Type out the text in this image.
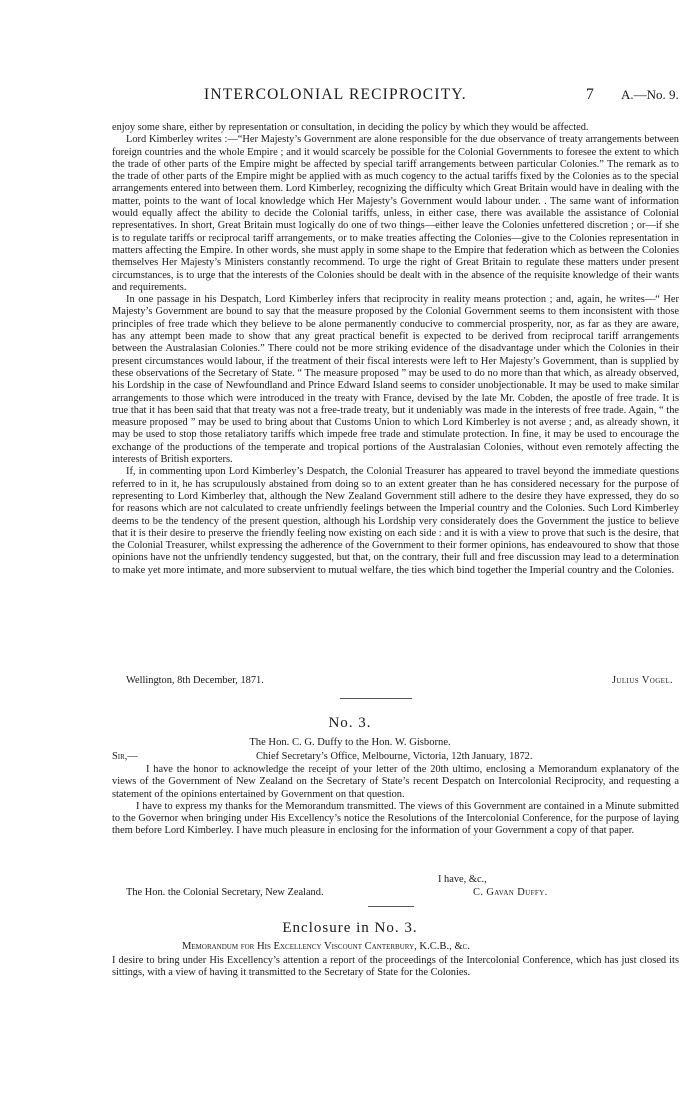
INTERCOLONIAL RECIPROCITY.	7 A.—No. 9.

enjoy some share, either by representation or consultation, in deciding the policy by which they would be affected.

Lord Kimberley writes :—“Her Majesty’s Government are alone responsible for the due observance of treaty arrangements between foreign countries and the whole Empire ; and it would scarcely be possible for the Colonial Governments to foresee the extent to which the trade of other parts of the Empire might be affected by special tariff arrangements between particular Colonies.” The remark as to the trade of other parts of the Empire might be applied with as much cogency to the actual tariffs fixed by the Colonies as to the special arrangements entered into between them. Lord Kimberley, recognizing the difficulty which Great Britain would have in dealing with the matter, points to the want of local knowledge which Her Majesty’s Government would labour under. . The same want of information would equally affect the ability to decide the Colonial tariffs, unless, in either case, there was available the assistance of Colonial representatives. In short, Great Britain must logically do one of two things—either leave the Colonies unfettered discretion ; or—if she is to regulate tariffs or reciprocal tariff arrangements, or to make treaties affecting the Colonies—give to the Colonies representation in matters affecting the Empire. In other words, she must apply in some shape to the Empire that federation which as between the Colonies themselves Her Majesty’s Ministers constantly recommend. To urge the right of Great Britain to regulate these matters under present circumstances, is to urge that the interests of the Colonies should be dealt with in the absence of the requisite knowledge of their wants and requirements.

In one passage in his Despatch, Lord Kimberley infers that reciprocity in reality means protection ; and, again, he writes—“ Her Majesty’s Government are bound to say that the measure proposed by the Colonial Government seems to them inconsistent with those principles of free trade which they believe to be alone permanently conducive to commercial prosperity, nor, as far as they are aware, has any attempt been made to show that any great practical benefit is expected to be derived from reciprocal tariff arrangements between the Australasian Colonies.” There could not be more striking evidence of the disadvantage under which the Colonies in their present circumstances would labour, if the treatment of their fiscal interests were left to Her Majesty’s Government, than is supplied by these observations of the Secretary of State. “ The measure proposed ” may be used to do no more than that which, as already observed, his Lordship in the case of Newfoundland and Prince Edward Island seems to consider unobjectionable. It may be used to make similar arrangements to those which were introduced in the treaty with France, devised by the late Mr. Cobden, the apostle of free trade. It is true that it has been said that that treaty was not a free-trade treaty, but it undeniably was made in the interests of free trade. Again, “ the measure proposed ” may be used to bring about that Customs Union to which Lord Kimberley is not averse ; and, as already shown, it may be used to stop those retaliatory tariffs which impede free trade and stimulate protection. In fine, it may be used to encourage the exchange of the productions of the temperate and tropical portions of the Australasian Colonies, without even remotely affecting the interests of British exporters.

If, in commenting upon Lord Kimberley’s Despatch, the Colonial Treasurer has appeared to travel beyond the immediate questions referred to in it, he has scrupulously abstained from doing so to an extent greater than he has considered necessary for the purpose of representing to Lord Kimberley that, although the New Zealand Government still adhere to the desire they have expressed, they do so for reasons which are not calculated to create unfriendly feelings between the Imperial country and the Colonies. Such Lord Kimberley deems to be the tendency of the present question, although his Lordship very considerately does the Government the justice to believe that it is their desire to preserve the friendly feeling now existing on each side : and it is with a view to prove that such is the desire, that the Colonial Treasurer, whilst expressing the adherence of the Government to their former opinions, has endeavoured to show that those opinions have not the unfriendly tendency suggested, but that, on the contrary, their full and free discussion may lead to a determination to make yet more intimate, and more subservient to mutual welfare, the ties which bind together the Imperial country and the Colonies.

Wellington, 8th December, 1871.	Julius Vogel.
No. 3.
The Hon. C. G. Duffy to the Hon. W. Gisborne.
Sir,—	Chief Secretary’s Office, Melbourne, Victoria, 12th January, 1872.

I have the honor to acknowledge the receipt of your letter of the 20th ultimo, enclosing a Memorandum explanatory of the views of the Government of New Zealand on the Secretary of State’s recent Despatch on Intercolonial Reciprocity, and requesting a statement of the opinions entertained by Government on that question.

I have to express my thanks for the Memorandum transmitted. The views of this Government are contained in a Minute submitted to the Governor when bringing under His Excellency’s notice the Resolutions of the Intercolonial Conference, for the purpose of laying them before Lord Kimberley. I have much pleasure in enclosing for the information of your Government a copy of that paper.

I have, &c.,
The Hon. the Colonial Secretary, New Zealand.	C. Gavan Duffy.
Enclosure in No. 3.
Memorandum for His Excellency Viscount Canterbury, K.C.B., &c.

I desire to bring under His Excellency’s attention a report of the proceedings of the Intercolonial Conference, which has just closed its sittings, with a view of having it transmitted to the Secretary of State for the Colonies.
